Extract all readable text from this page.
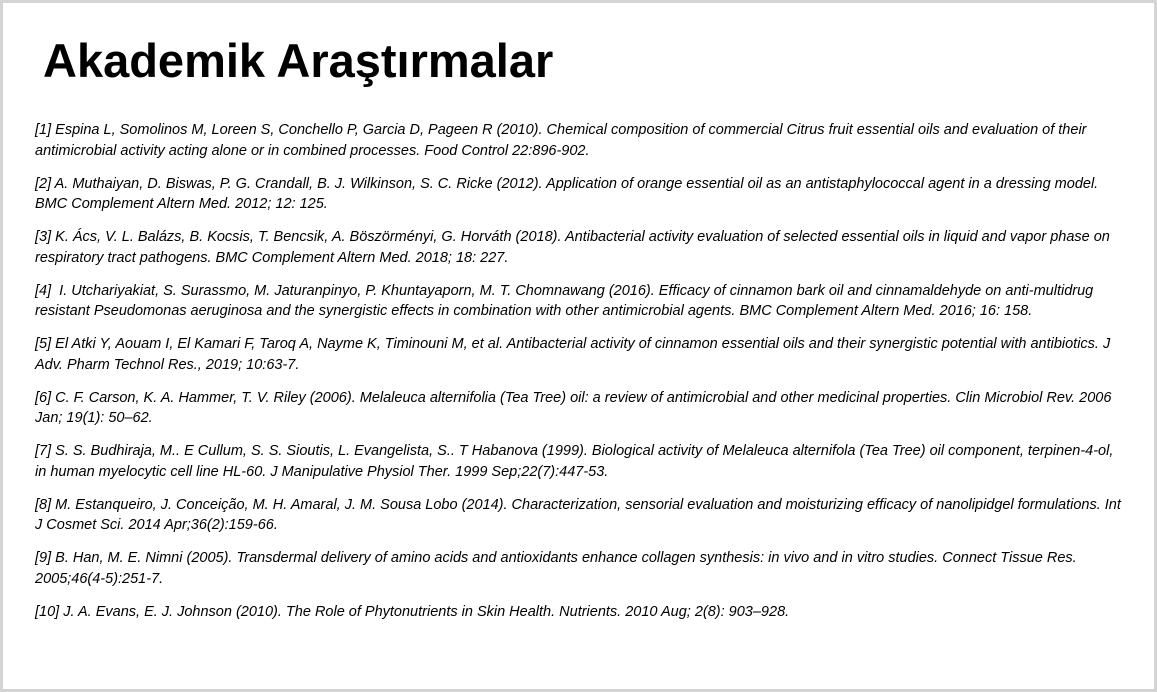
Akademik Araştırmalar
[1] Espina L, Somolinos M, Loreen S, Conchello P, Garcia D, Pageen R (2010). Chemical composition of commercial Citrus fruit essential oils and evaluation of their antimicrobial activity acting alone or in combined processes. Food Control 22:896-902.
[2] A. Muthaiyan, D. Biswas, P. G. Crandall, B. J. Wilkinson, S. C. Ricke (2012). Application of orange essential oil as an antistaphylococcal agent in a dressing model. BMC Complement Altern Med. 2012; 12: 125.
[3] K. Ács, V. L. Balázs, B. Kocsis, T. Bencsik, A. Böszörményi, G. Horváth (2018). Antibacterial activity evaluation of selected essential oils in liquid and vapor phase on respiratory tract pathogens. BMC Complement Altern Med. 2018; 18: 227.
[4]  I. Utchariyakiat, S. Surassmo, M. Jaturanpinyo, P. Khuntayaporn, M. T. Chomnawang (2016). Efficacy of cinnamon bark oil and cinnamaldehyde on anti-multidrug resistant Pseudomonas aeruginosa and the synergistic effects in combination with other antimicrobial agents. BMC Complement Altern Med. 2016; 16: 158.
[5] El Atki Y, Aouam I, El Kamari F, Taroq A, Nayme K, Timinouni M, et al. Antibacterial activity of cinnamon essential oils and their synergistic potential with antibiotics. J Adv. Pharm Technol Res., 2019; 10:63-7.
[6] C. F. Carson, K. A. Hammer, T. V. Riley (2006). Melaleuca alternifolia (Tea Tree) oil: a review of antimicrobial and other medicinal properties. Clin Microbiol Rev. 2006 Jan; 19(1): 50–62.
[7] S. S. Budhiraja, M.. E Cullum, S. S. Sioutis, L. Evangelista, S.. T Habanova (1999). Biological activity of Melaleuca alternifola (Tea Tree) oil component, terpinen-4-ol, in human myelocytic cell line HL-60. J Manipulative Physiol Ther. 1999 Sep;22(7):447-53.
[8] M. Estanqueiro, J. Conceição, M. H. Amaral, J. M. Sousa Lobo (2014). Characterization, sensorial evaluation and moisturizing efficacy of nanolipidgel formulations. Int J Cosmet Sci. 2014 Apr;36(2):159-66.
[9] B. Han, M. E. Nimni (2005). Transdermal delivery of amino acids and antioxidants enhance collagen synthesis: in vivo and in vitro studies. Connect Tissue Res. 2005;46(4-5):251-7.
[10] J. A. Evans, E. J. Johnson (2010). The Role of Phytonutrients in Skin Health. Nutrients. 2010 Aug; 2(8): 903–928.
